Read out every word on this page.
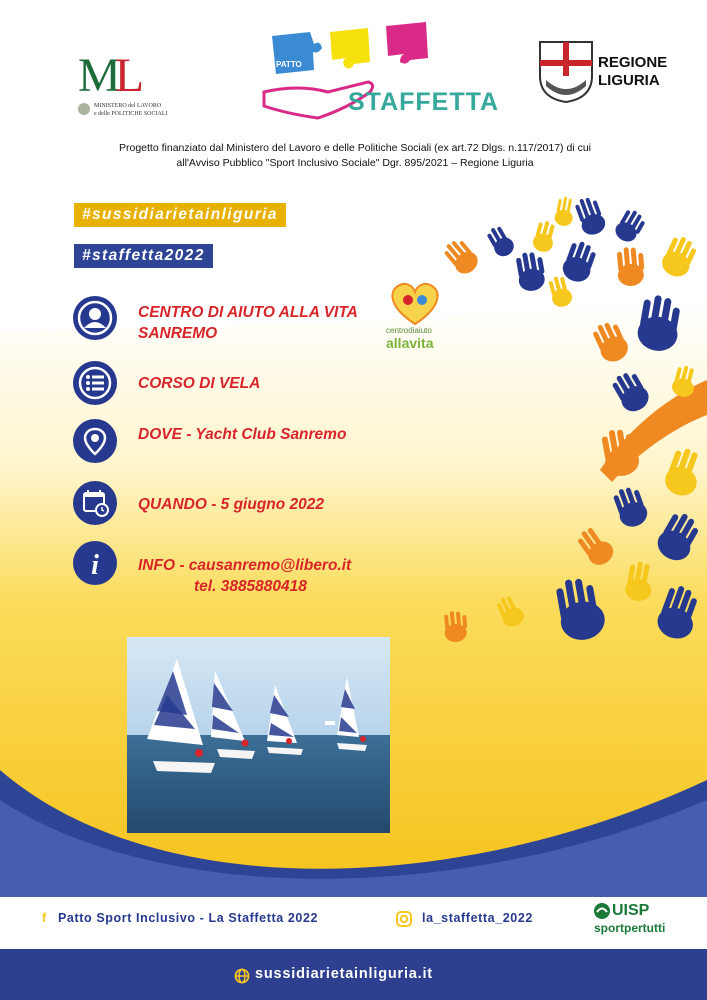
ML
MINISTERO del LAVORO
e delle POLITICHE SOCIALI
PATTO
STAFFETTA
REGIONE
LIGURIA
Progetto finanziato dal Ministero del Lavoro e delle Politiche Sociali (ex art.72 Dlgs. n.117/2017) di cui
all'Avviso Pubblico "Sport Inclusivo Sociale" Dgr. 895/2021 – Regione Liguria
#sussidiarietainliguria
#staffetta2022
CENTRO DI AIUTO ALLA VITA
SANREMO	centrodiaiuto
allavita
CORSO DI VELA
DOVE - Yacht Club Sanremo
QUANDO - 5 giugno 2022
i	INFO - causanremo@libero.it
tel. 3885880418
f Patto Sport Inclusivo - La Staffetta 2022	la_staffetta_2022	UISP
sportpertutti
sussidiarietainliguria.it
